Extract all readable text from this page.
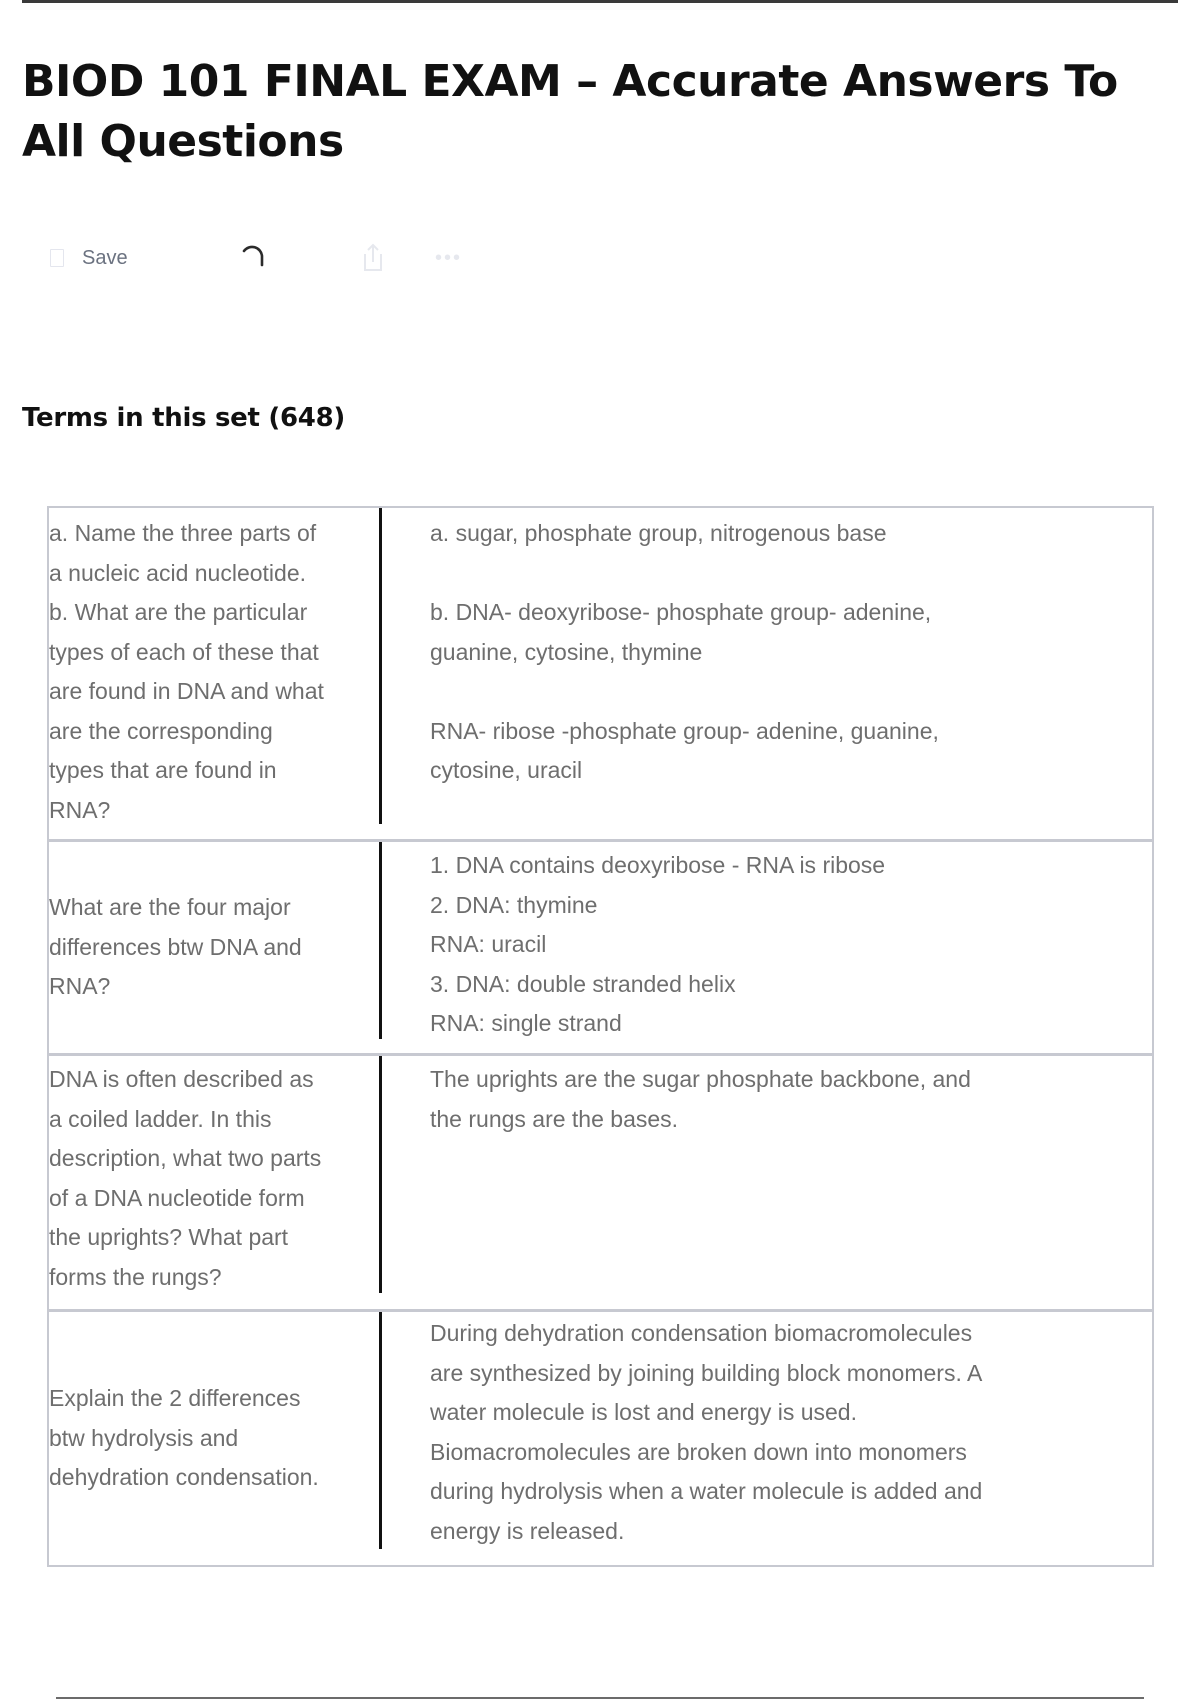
BIOD 101 FINAL EXAM – Accurate Answers To All Questions
Save	•••
Terms in this set (648)
a. Name the three parts of
a nucleic acid nucleotide.
b. What are the particular
types of each of these that
are found in DNA and what
are the corresponding
types that are found in
RNA?
a. sugar, phosphate group, nitrogenous base

b. DNA- deoxyribose- phosphate group- adenine,
guanine, cytosine, thymine

RNA- ribose -phosphate group- adenine, guanine,
cytosine, uracil
What are the four major
differences btw DNA and
RNA?
1. DNA contains deoxyribose - RNA is ribose
2. DNA: thymine
RNA: uracil
3. DNA: double stranded helix
RNA: single strand
DNA is often described as
a coiled ladder. In this
description, what two parts
of a DNA nucleotide form
the uprights? What part
forms the rungs?
The uprights are the sugar phosphate backbone, and
the rungs are the bases.
Explain the 2 differences
btw hydrolysis and
dehydration condensation.
During dehydration condensation biomacromolecules
are synthesized by joining building block monomers. A
water molecule is lost and energy is used.
Biomacromolecules are broken down into monomers
during hydrolysis when a water molecule is added and
energy is released.
